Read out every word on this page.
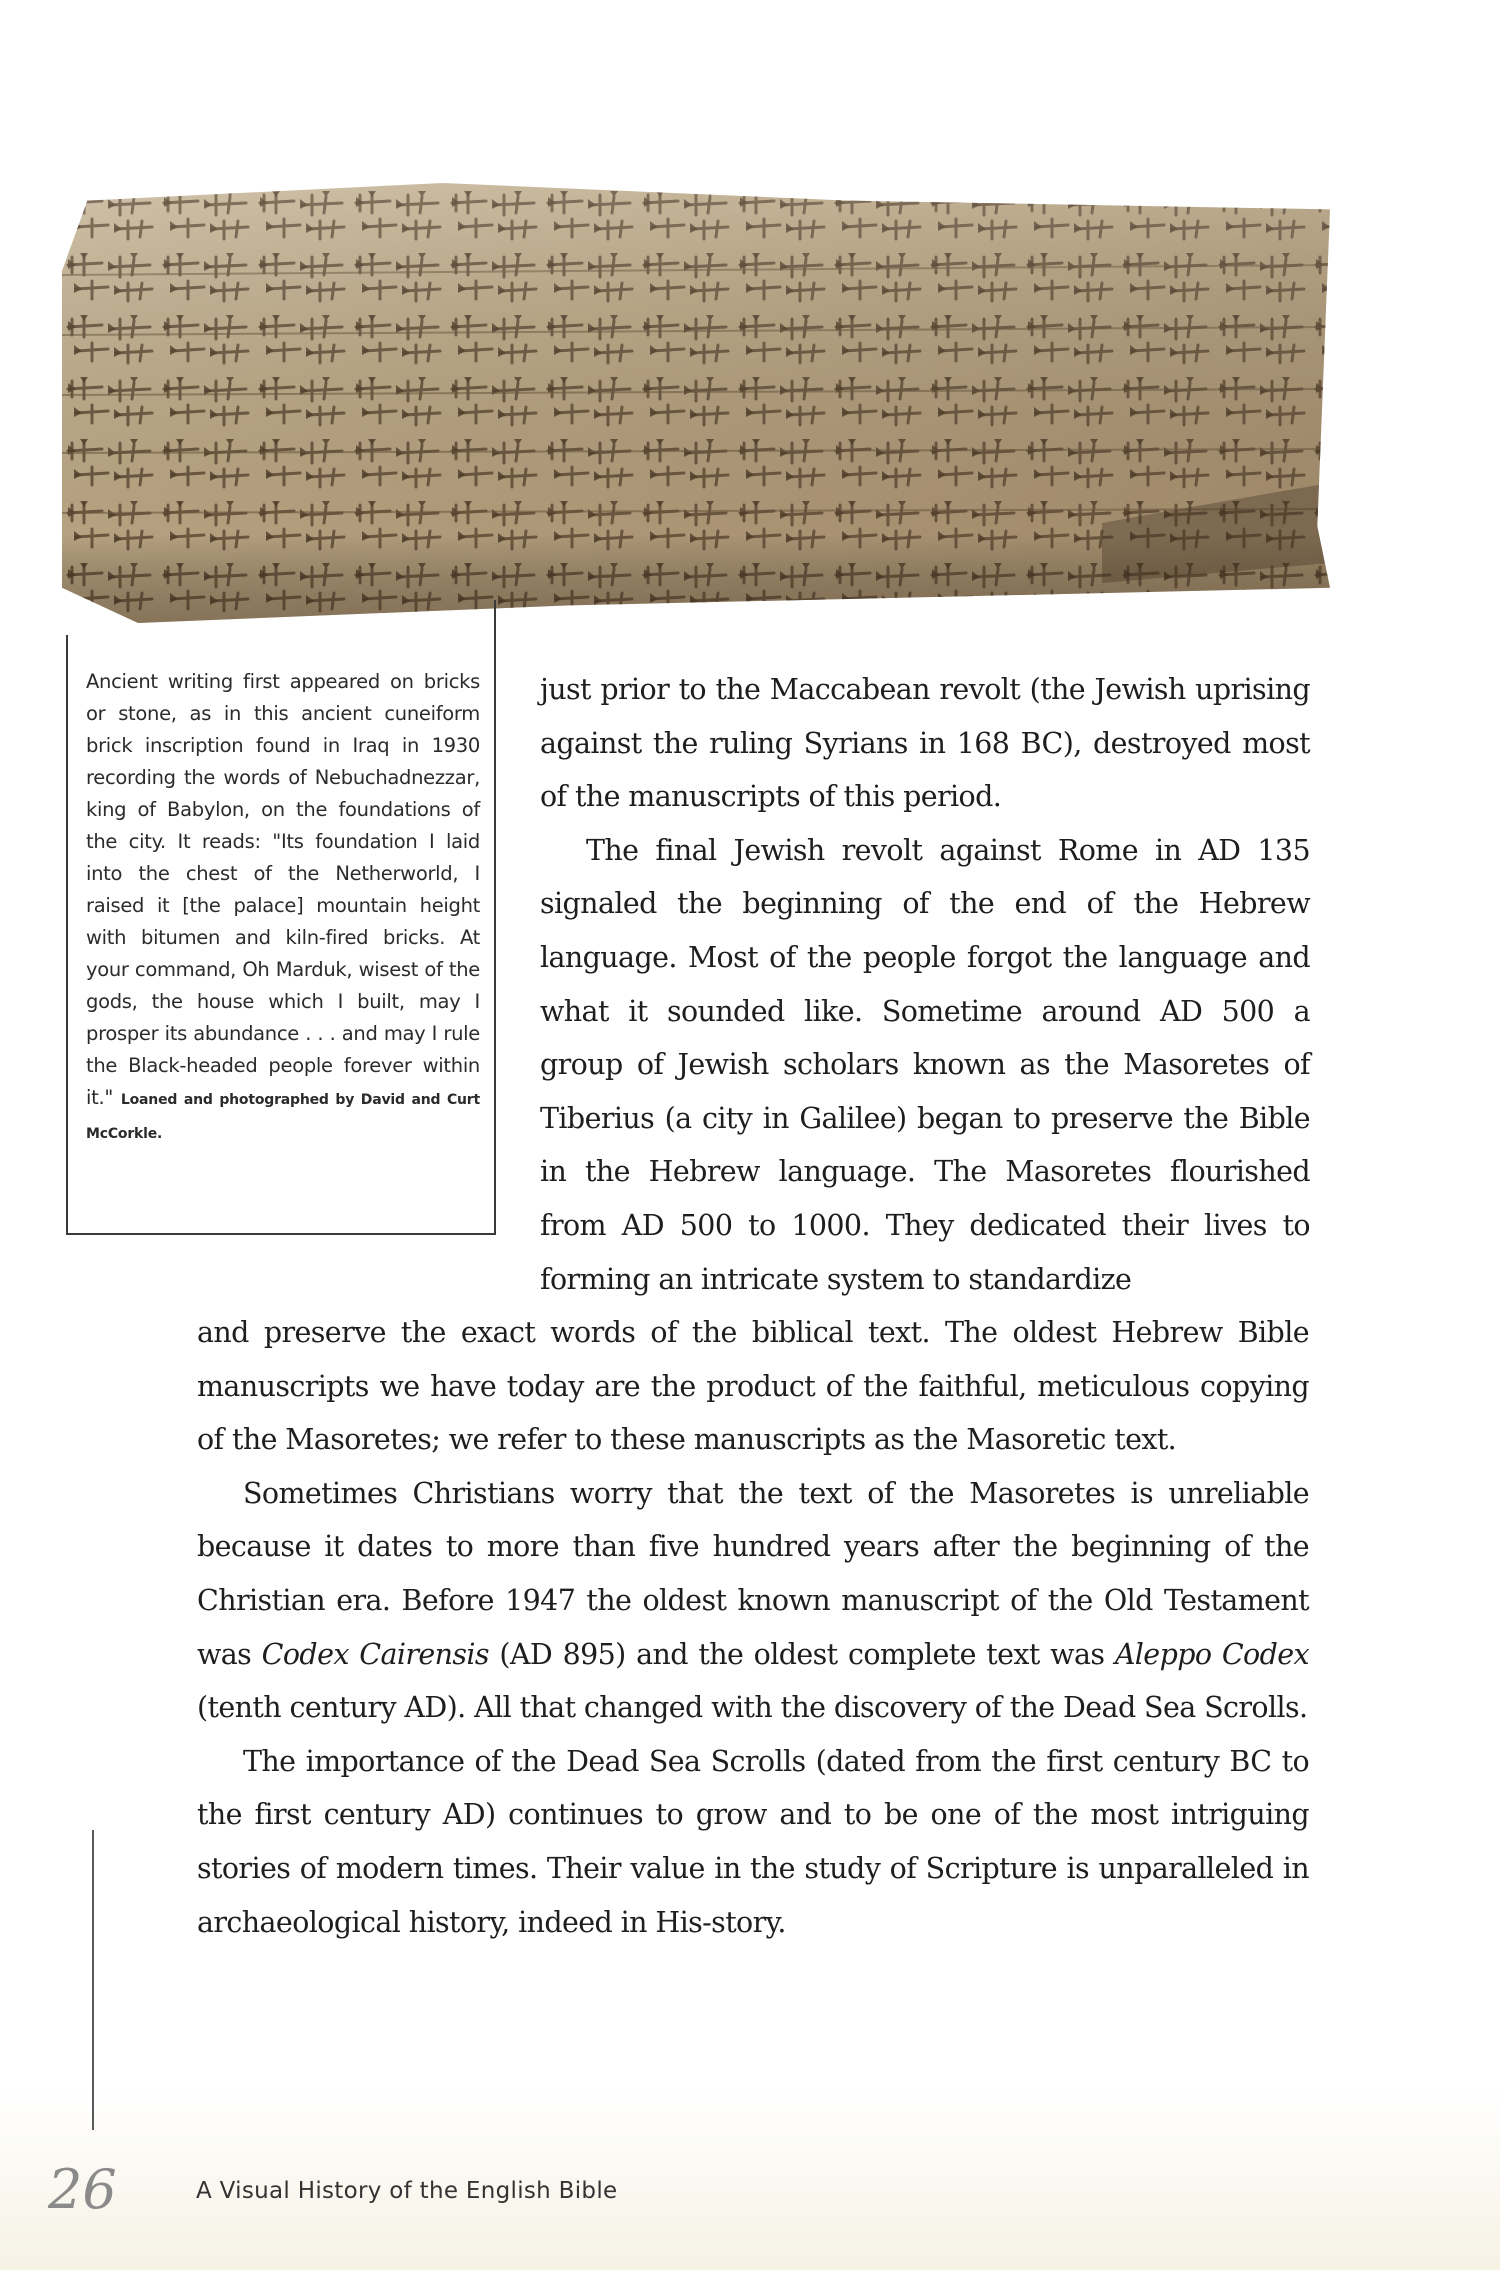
Ancient writing first appeared on bricks or stone, as in this ancient cuneiform brick inscription found in Iraq in 1930 recording the words of Nebuchadnezzar, king of Babylon, on the foundations of the city. It reads: "Its foundation I laid into the chest of the Netherworld, I raised it [the palace] mountain height with bitumen and kiln-fired bricks. At your command, Oh Marduk, wisest of the gods, the house which I built, may I prosper its abundance . . . and may I rule the Black-headed people forever within it." Loaned and photographed by David and Curt McCorkle.

just prior to the Maccabean revolt (the Jewish uprising against the ruling Syrians in 168 BC), destroyed most of the manuscripts of this period.

The final Jewish revolt against Rome in AD 135 signaled the beginning of the end of the Hebrew language. Most of the people forgot the language and what it sounded like. Sometime around AD 500 a group of Jewish scholars known as the Masoretes of Tiberius (a city in Galilee) began to preserve the Bible in the Hebrew language. The Masoretes flourished from AD 500 to 1000. They dedicated their lives to forming an intricate system to standardize

and preserve the exact words of the biblical text. The oldest Hebrew Bible manuscripts we have today are the product of the faithful, meticulous copying of the Masoretes; we refer to these manuscripts as the Masoretic text.

Sometimes Christians worry that the text of the Masoretes is unreliable because it dates to more than five hundred years after the beginning of the Christian era. Before 1947 the oldest known manuscript of the Old Testament was Codex Cairensis (AD 895) and the oldest complete text was Aleppo Codex (tenth century AD). All that changed with the discovery of the Dead Sea Scrolls.

The importance of the Dead Sea Scrolls (dated from the first century BC to the first century AD) continues to grow and to be one of the most intriguing stories of modern times. Their value in the study of Scripture is unparalleled in archaeological history, indeed in His-story.

26	A Visual History of the English Bible
